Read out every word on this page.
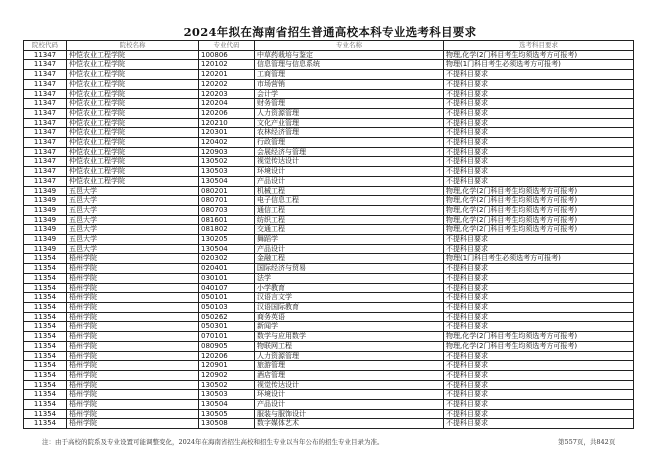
2024年拟在海南省招生普通高校本科专业选考科目要求
院校代码	院校名称	专业代码	专业名称	选考科目要求
11347	仲恺农业工程学院	100806	中草药栽培与鉴定	物理,化学(2门科目考生均须选考方可报考)
11347	仲恺农业工程学院	120102	信息管理与信息系统	物理(1门科目考生必须选考方可报考)
11347	仲恺农业工程学院	120201	工商管理	不提科目要求
11347	仲恺农业工程学院	120202	市场营销	不提科目要求
11347	仲恺农业工程学院	120203	会计学	不提科目要求
11347	仲恺农业工程学院	120204	财务管理	不提科目要求
11347	仲恺农业工程学院	120206	人力资源管理	不提科目要求
11347	仲恺农业工程学院	120210	文化产业管理	不提科目要求
11347	仲恺农业工程学院	120301	农林经济管理	不提科目要求
11347	仲恺农业工程学院	120402	行政管理	不提科目要求
11347	仲恺农业工程学院	120903	会展经济与管理	不提科目要求
11347	仲恺农业工程学院	130502	视觉传达设计	不提科目要求
11347	仲恺农业工程学院	130503	环境设计	不提科目要求
11347	仲恺农业工程学院	130504	产品设计	不提科目要求
11349	五邑大学	080201	机械工程	物理,化学(2门科目考生均须选考方可报考)
11349	五邑大学	080701	电子信息工程	物理,化学(2门科目考生均须选考方可报考)
11349	五邑大学	080703	通信工程	物理,化学(2门科目考生均须选考方可报考)
11349	五邑大学	081601	纺织工程	物理,化学(2门科目考生均须选考方可报考)
11349	五邑大学	081802	交通工程	物理,化学(2门科目考生均须选考方可报考)
11349	五邑大学	130205	舞蹈学	不提科目要求
11349	五邑大学	130504	产品设计	不提科目要求
11354	梧州学院	020302	金融工程	物理(1门科目考生必须选考方可报考)
11354	梧州学院	020401	国际经济与贸易	不提科目要求
11354	梧州学院	030101	法学	不提科目要求
11354	梧州学院	040107	小学教育	不提科目要求
11354	梧州学院	050101	汉语言文学	不提科目要求
11354	梧州学院	050103	汉语国际教育	不提科目要求
11354	梧州学院	050262	商务英语	不提科目要求
11354	梧州学院	050301	新闻学	不提科目要求
11354	梧州学院	070101	数学与应用数学	物理,化学(2门科目考生均须选考方可报考)
11354	梧州学院	080905	物联网工程	物理,化学(2门科目考生均须选考方可报考)
11354	梧州学院	120206	人力资源管理	不提科目要求
11354	梧州学院	120901	旅游管理	不提科目要求
11354	梧州学院	120902	酒店管理	不提科目要求
11354	梧州学院	130502	视觉传达设计	不提科目要求
11354	梧州学院	130503	环境设计	不提科目要求
11354	梧州学院	130504	产品设计	不提科目要求
11354	梧州学院	130505	服装与服饰设计	不提科目要求
11354	梧州学院	130508	数字媒体艺术	不提科目要求
注：由于高校的院系及专业设置可能调整变化，2024年在海南省招生高校和招生专业以当年公布的招生专业目录为准。	第557页，共842页
